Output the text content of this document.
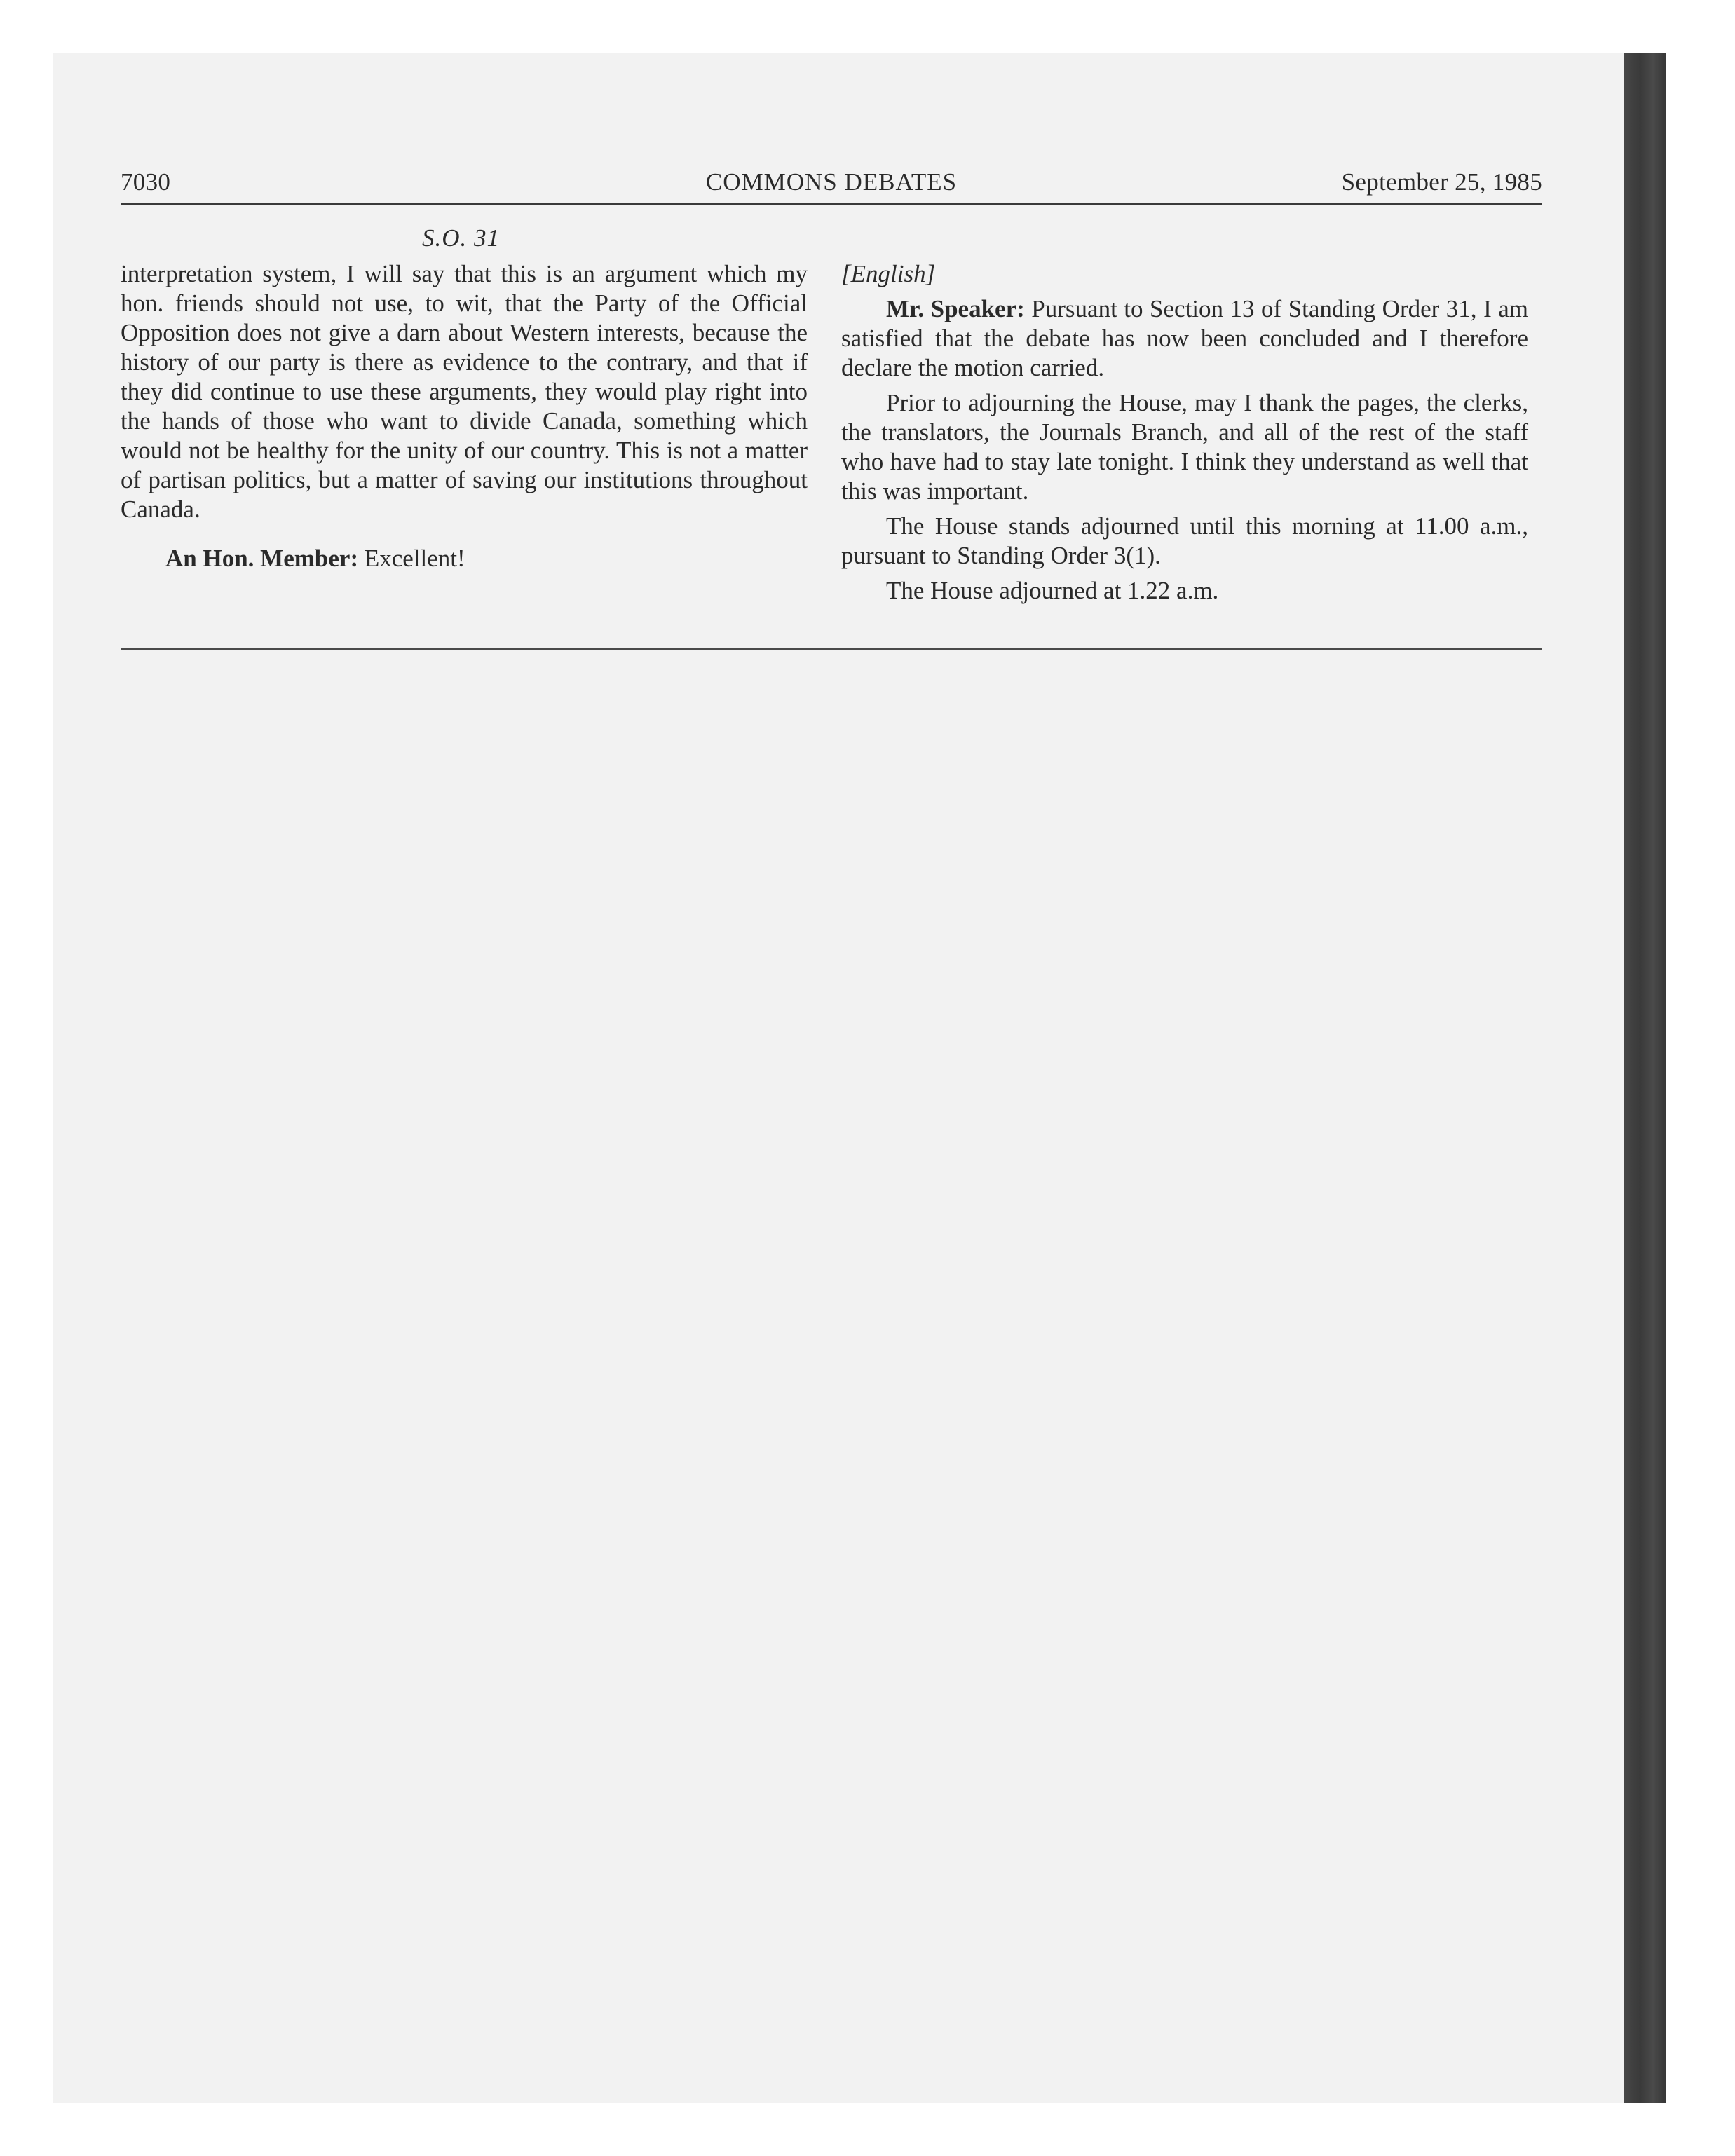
7030	COMMONS DEBATES	September 25, 1985
S.O. 31

interpretation system, I will say that this is an argument which my hon. friends should not use, to wit, that the Party of the Official Opposition does not give a darn about Western interests, because the history of our party is there as evidence to the contrary, and that if they did continue to use these arguments, they would play right into the hands of those who want to divide Canada, something which would not be healthy for the unity of our country. This is not a matter of partisan politics, but a matter of saving our institutions throughout Canada.

An Hon. Member: Excellent!

[English]

Mr. Speaker: Pursuant to Section 13 of Standing Order 31, I am satisfied that the debate has now been concluded and I therefore declare the motion carried.

Prior to adjourning the House, may I thank the pages, the clerks, the translators, the Journals Branch, and all of the rest of the staff who have had to stay late tonight. I think they understand as well that this was important.

The House stands adjourned until this morning at 11.00 a.m., pursuant to Standing Order 3(1).

The House adjourned at 1.22 a.m.
